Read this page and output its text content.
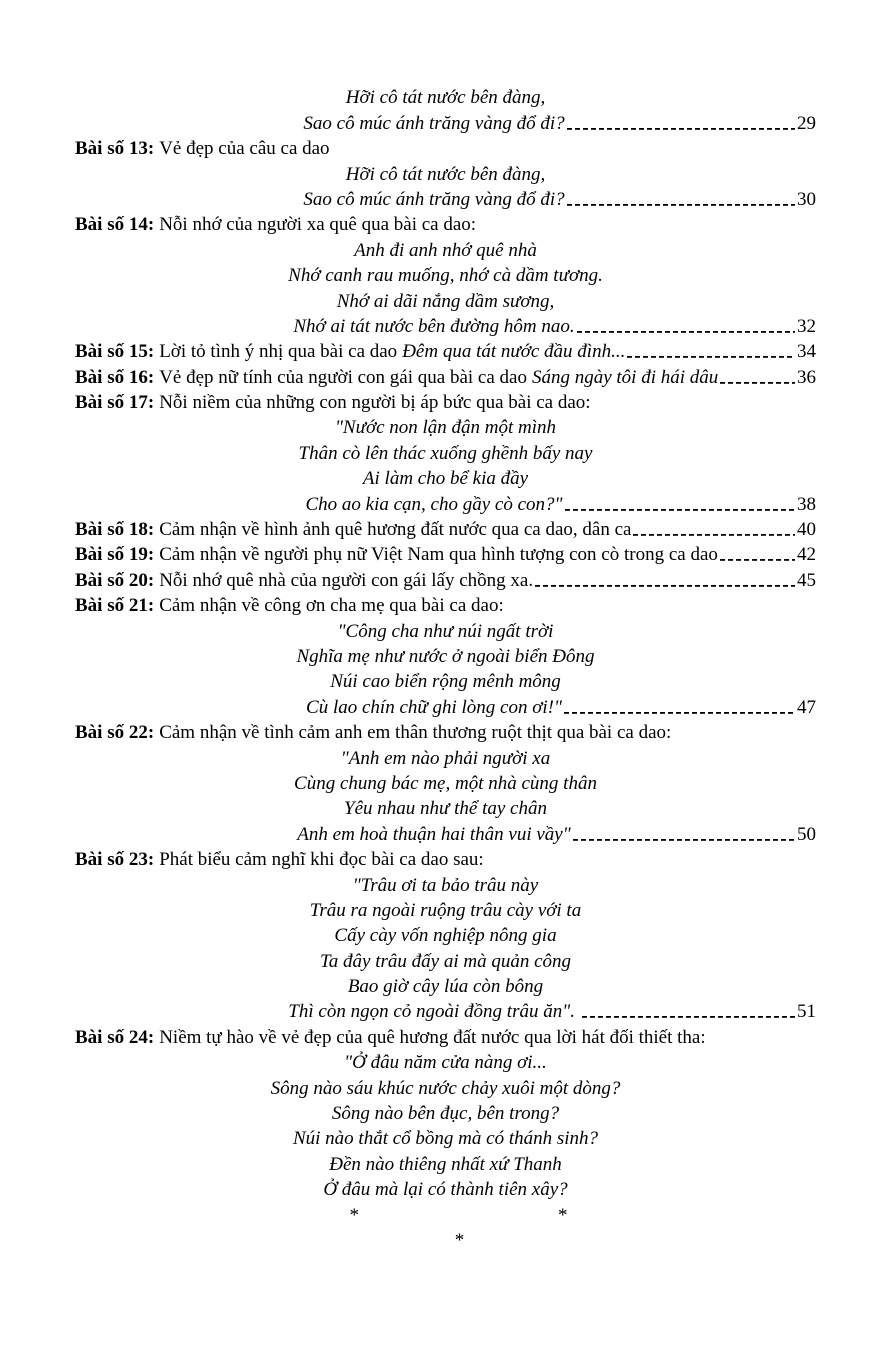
Hỡi cô tát nước bên đàng,
Sao cô múc ánh trăng vàng đổ đi?	29
Bài số 13: Vẻ đẹp của câu ca dao
Hỡi cô tát nước bên đàng,
Sao cô múc ánh trăng vàng đổ đi?	30
Bài số 14: Nỗi nhớ của người xa quê qua bài ca dao:
Anh đi anh nhớ quê nhà
Nhớ canh rau muống, nhớ cà dầm tương.
Nhớ ai dãi nắng dầm sương,
Nhớ ai tát nước bên đường hôm nao.	32
Bài số 15: Lời tỏ tình ý nhị qua bài ca dao Đêm qua tát nước đầu đình...	34
Bài số 16: Vẻ đẹp nữ tính của người con gái qua bài ca dao Sáng ngày tôi đi hái dâu	36
Bài số 17: Nỗi niềm của những con người bị áp bức qua bài ca dao:
"Nước non lận đận một mình
Thân cò lên thác xuống ghềnh bấy nay
Ai làm cho bể kia đầy
Cho ao kia cạn, cho gầy cò con?"	38
Bài số 18: Cảm nhận về hình ảnh quê hương đất nước qua ca dao, dân ca	40
Bài số 19: Cảm nhận về người phụ nữ Việt Nam qua hình tượng con cò trong ca dao	42
Bài số 20: Nỗi nhớ quê nhà của người con gái lấy chồng xa.	45
Bài số 21: Cảm nhận về công ơn cha mẹ qua bài ca dao:
"Công cha như núi ngất trời
Nghĩa mẹ như nước ở ngoài biển Đông
Núi cao biển rộng mênh mông
Cù lao chín chữ ghi lòng con ơi!"	47
Bài số 22: Cảm nhận về tình cảm anh em thân thương ruột thịt qua bài ca dao:
"Anh em nào phải người xa
Cùng chung bác mẹ, một nhà cùng thân
Yêu nhau như thể tay chân
Anh em hoà thuận hai thân vui vầy"	50
Bài số 23: Phát biểu cảm nghĩ khi đọc bài ca dao sau:
"Trâu ơi ta bảo trâu này
Trâu ra ngoài ruộng trâu cày với ta
Cấy cày vốn nghiệp nông gia
Ta đây trâu đấy ai mà quản công
Bao giờ cây lúa còn bông
Thì còn ngọn cỏ ngoài đồng trâu ăn".	51
Bài số 24: Niềm tự hào về vẻ đẹp của quê hương đất nước qua lời hát đối thiết tha:
"Ở đâu năm cửa nàng ơi...
Sông nào sáu khúc nước chảy xuôi một dòng?
Sông nào bên đục, bên trong?
Núi nào thắt cổ bồng mà có thánh sinh?
Đền nào thiêng nhất xứ Thanh
Ở đâu mà lại có thành tiên xây?
*	*
*
